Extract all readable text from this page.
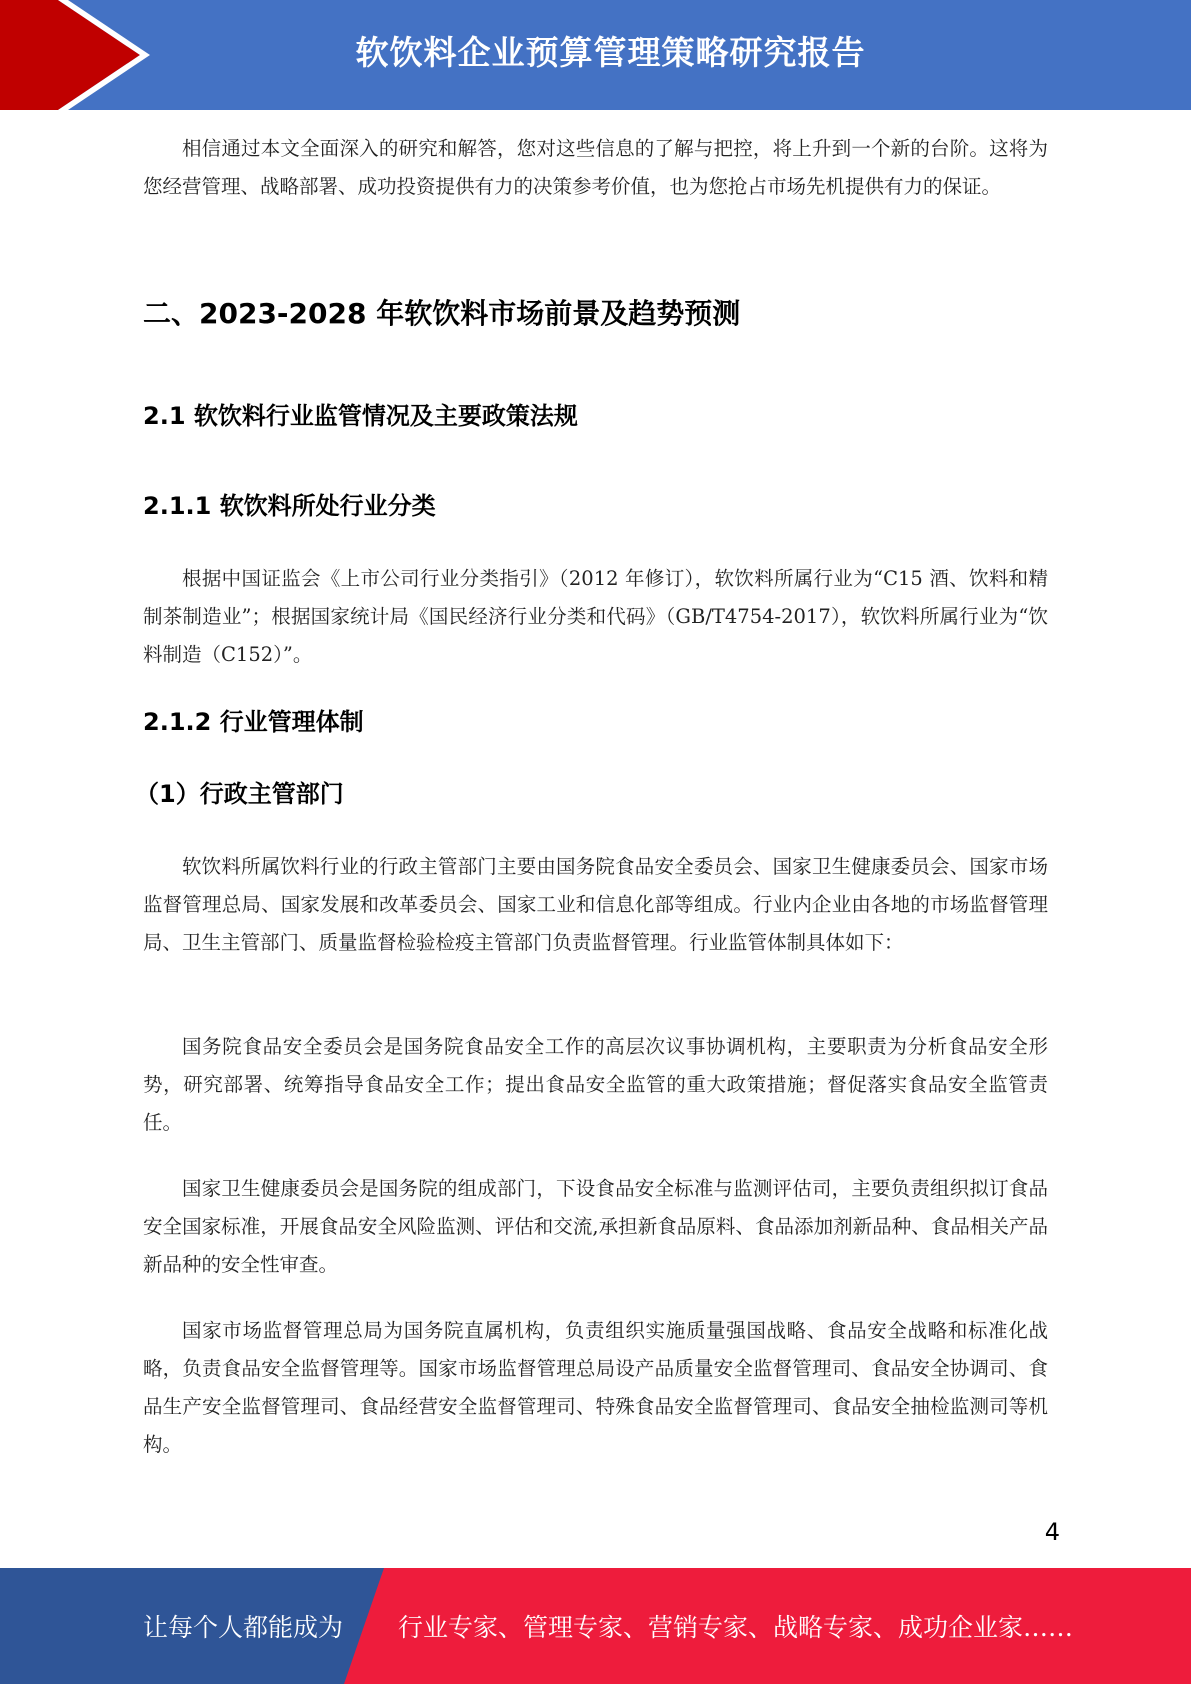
软饮料企业预算管理策略研究报告

相信通过本文全面深入的研究和解答，您对这些信息的了解与把控，将上升到一个新的台阶。这将为您经营管理、战略部署、成功投资提供有力的决策参考价值，也为您抢占市场先机提供有力的保证。

二、2023-2028 年软饮料市场前景及趋势预测
2.1 软饮料行业监管情况及主要政策法规
2.1.1 软饮料所处行业分类

根据中国证监会《上市公司行业分类指引》（2012 年修订），软饮料所属行业为“C15 酒、饮料和精制茶制造业”；根据国家统计局《国民经济行业分类和代码》（GB/T4754-2017），软饮料所属行业为“饮料制造（C152）”。

2.1.2 行业管理体制
（1）行政主管部门

软饮料所属饮料行业的行政主管部门主要由国务院食品安全委员会、国家卫生健康委员会、国家市场监督管理总局、国家发展和改革委员会、国家工业和信息化部等组成。行业内企业由各地的市场监督管理局、卫生主管部门、质量监督检验检疫主管部门负责监督管理。行业监管体制具体如下：

国务院食品安全委员会是国务院食品安全工作的高层次议事协调机构，主要职责为分析食品安全形势，研究部署、统筹指导食品安全工作；提出食品安全监管的重大政策措施；督促落实食品安全监管责任。

国家卫生健康委员会是国务院的组成部门，下设食品安全标准与监测评估司，主要负责组织拟订食品安全国家标准，开展食品安全风险监测、评估和交流,承担新食品原料、食品添加剂新品种、食品相关产品新品种的安全性审查。

国家市场监督管理总局为国务院直属机构，负责组织实施质量强国战略、食品安全战略和标准化战略，负责食品安全监督管理等。国家市场监督管理总局设产品质量安全监督管理司、食品安全协调司、食品生产安全监督管理司、食品经营安全监督管理司、特殊食品安全监督管理司、食品安全抽检监测司等机构。

4
让每个人都能成为 行业专家、管理专家、营销专家、战略专家、成功企业家……
